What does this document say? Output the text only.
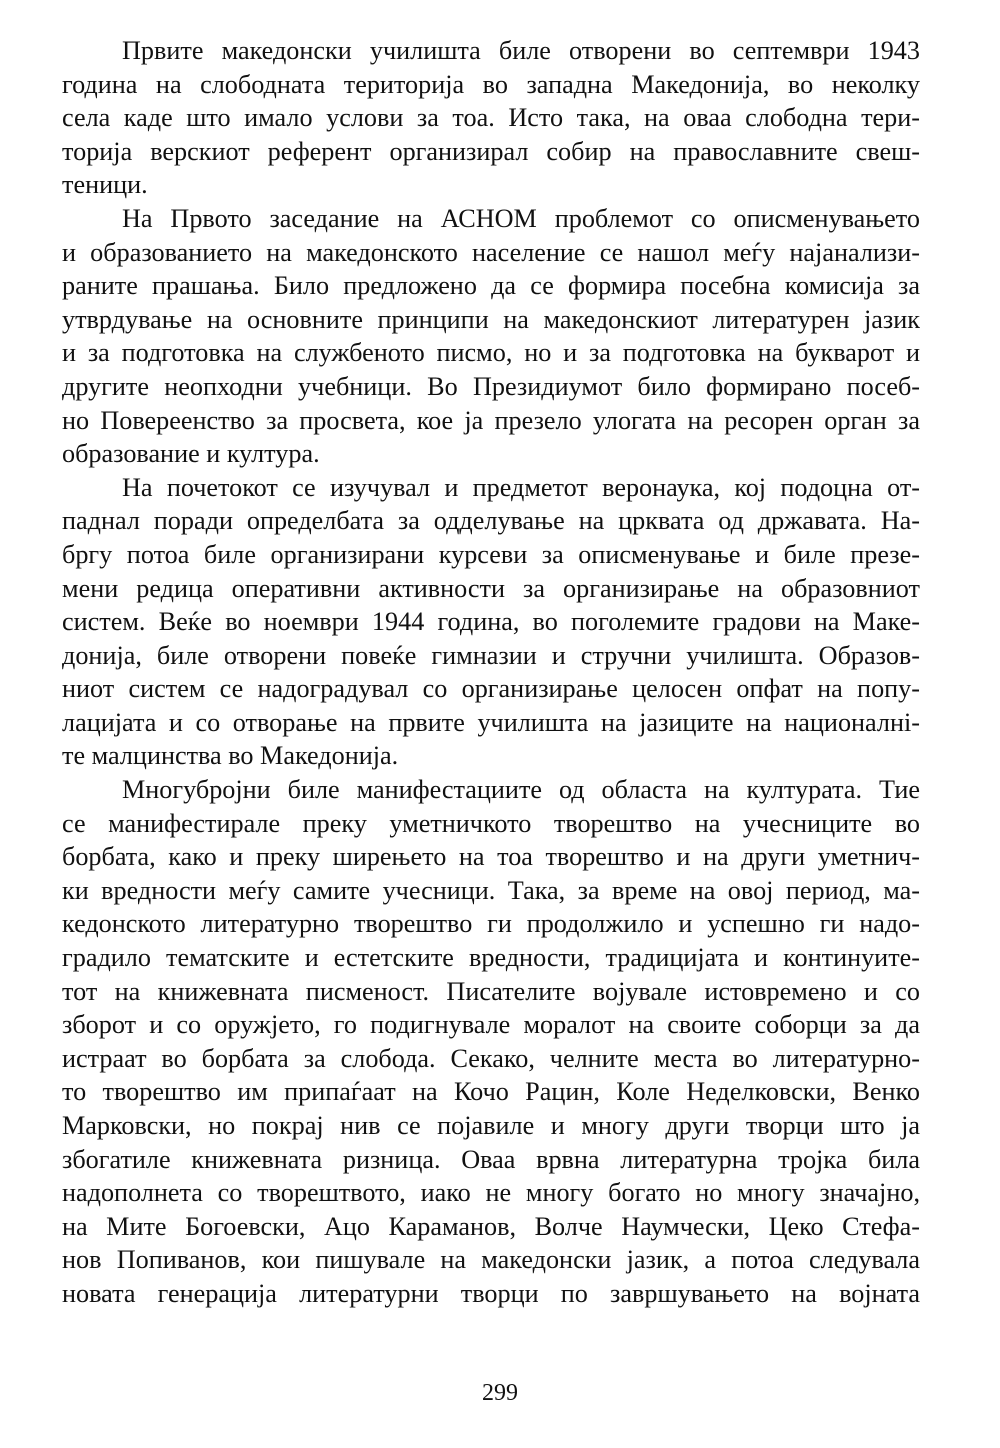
Првите македонски училишта биле отворени во септември 1943
година на слободната територија во западна Македонија, во неколку
села каде што имало услови за тоа. Исто така, на оваа слободна тери-
торија верскиот референт организирал собир на православните свеш-
теници.
На Првото заседание на АСНОМ проблемот со описменувањето
и образованието на македонското население се нашол меѓу најанализи-
раните прашања. Било предложено да се формира посебна комисија за
утврдување на основните принципи на македонскиот литературен јазик
и за подготовка на службеното писмо, но и за подготовка на букварот и
другите неопходни учебници. Во Президиумот било формирано посеб-
но Повереенство за просвета, кое ја презело улогата на ресорен орган за
образование и култура.
На почетокот се изучувал и предметот веронаука, кој подоцна от-
паднал поради определбата за одделување на црквата од државата. На-
бргу потоа биле организирани курсеви за описменување и биле презе-
мени редица оперативни активности за организирање на образовниот
систем. Веќе во ноември 1944 година, во поголемите градови на Маке-
донија, биле отворени повеќе гимназии и стручни училишта. Образов-
ниот систем се надоградувал со организирање целосен опфат на попу-
лацијата и со отворање на првите училишта на јазиците на националнi-
те малцинства во Македонија.
Многубројни биле манифестациите од областа на културата. Тие
се манифестирале преку уметничкото творештво на учесниците во
борбата, како и преку ширењето на тоа творештво и на други уметнич-
ки вредности меѓу самите учесници. Така, за време на овој период, ма-
кедонското литературно творештво ги продолжило и успешно ги надо-
градило тематските и естетските вредности, традицијата и континуите-
тот на книжевната писменост. Писателите војувале истовремено и со
зборот и со оружјето, го подигнувале моралот на своите соборци за да
истраат во борбата за слобода. Секако, челните места во литературно-
то творештво им припаѓаат на Кочо Рацин, Коле Неделковски, Венко
Марковски, но покрај нив се појавиле и многу други творци што ја
збогатиле книжевната ризница. Оваа врвна литературна тројка била
надополнета со творештвото, иако не многу богато но многу значајно,
на Мите Богоевски, Ацо Караманов, Волче Наумчески, Цеко Стефа-
нов Попиванов, кои пишувале на македонски јазик, а потоа следувала
новата генерација литературни творци по завршувањето на војната
299
